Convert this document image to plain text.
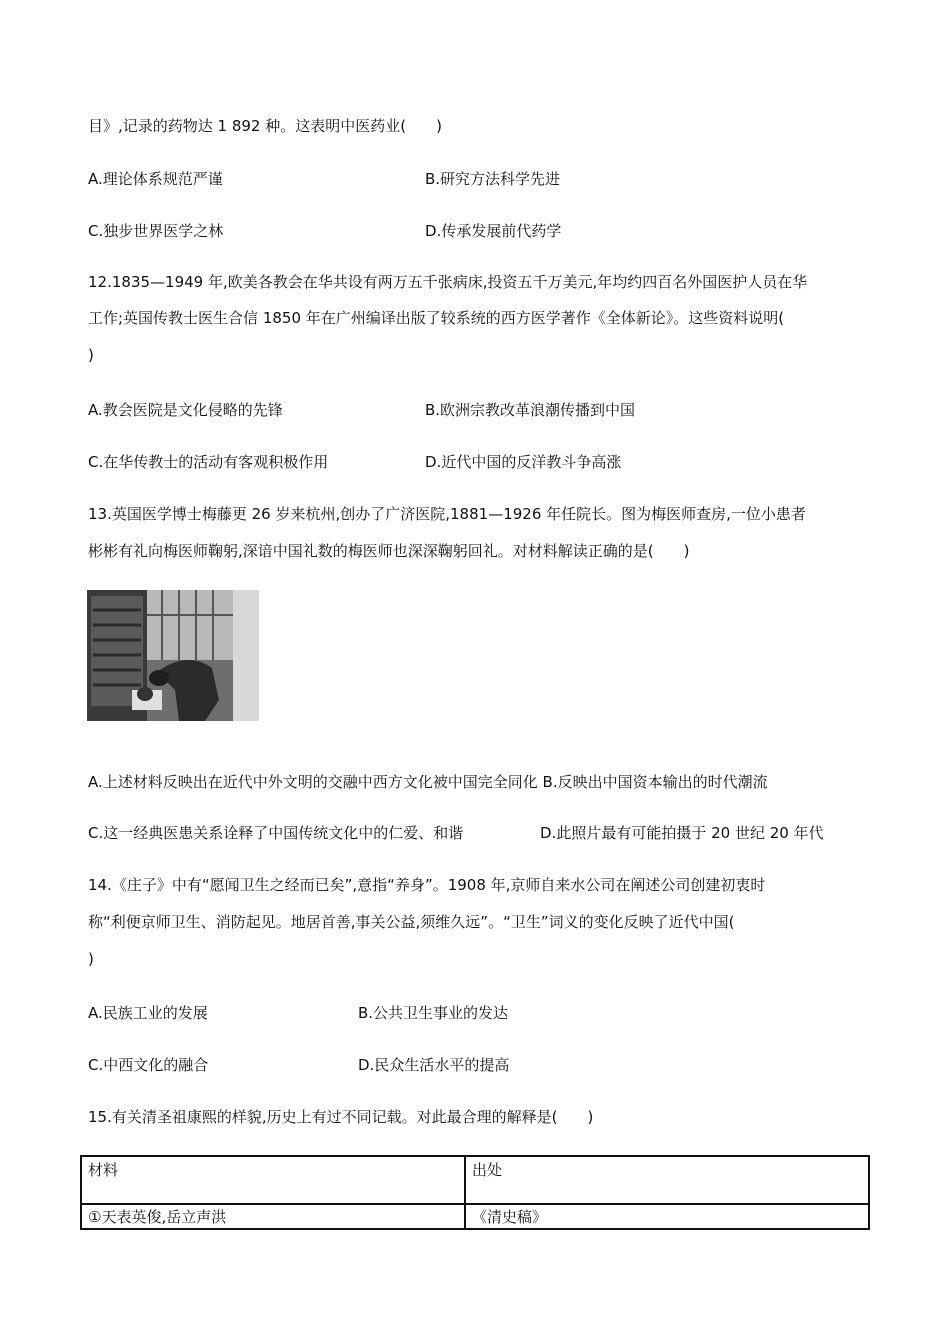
目》,记录的药物达 1 892 种。这表明中医药业(　　)
A.理论体系规范严谨	B.研究方法科学先进
C.独步世界医学之林	D.传承发展前代药学
12.1835—1949 年,欧美各教会在华共设有两万五千张病床,投资五千万美元,年均约四百名外国医护人员在华
工作;英国传教士医生合信 1850 年在广州编译出版了较系统的西方医学著作《全体新论》。这些资料说明(
)
A.教会医院是文化侵略的先锋	B.欧洲宗教改革浪潮传播到中国
C.在华传教士的活动有客观积极作用	D.近代中国的反洋教斗争高涨
13.英国医学博士梅藤更 26 岁来杭州,创办了广济医院,1881—1926 年任院长。图为梅医师查房,一位小患者
彬彬有礼向梅医师鞠躬,深谙中国礼数的梅医师也深深鞠躬回礼。对材料解读正确的是(　　)
A.上述材料反映出在近代中外文明的交融中西方文化被中国完全同化 B.反映出中国资本输出的时代潮流
C.这一经典医患关系诠释了中国传统文化中的仁爱、和谐	D.此照片最有可能拍摄于 20 世纪 20 年代
14.《庄子》中有“愿闻卫生之经而已矣”,意指“养身”。1908 年,京师自来水公司在阐述公司创建初衷时
称“利便京师卫生、消防起见。地居首善,事关公益,须维久远”。“卫生”词义的变化反映了近代中国(
)
A.民族工业的发展	B.公共卫生事业的发达
C.中西文化的融合	D.民众生活水平的提高
15.有关清圣祖康熙的样貌,历史上有过不同记载。对此最合理的解释是(　　)
材料	出处
①天表英俊,岳立声洪	《清史稿》
